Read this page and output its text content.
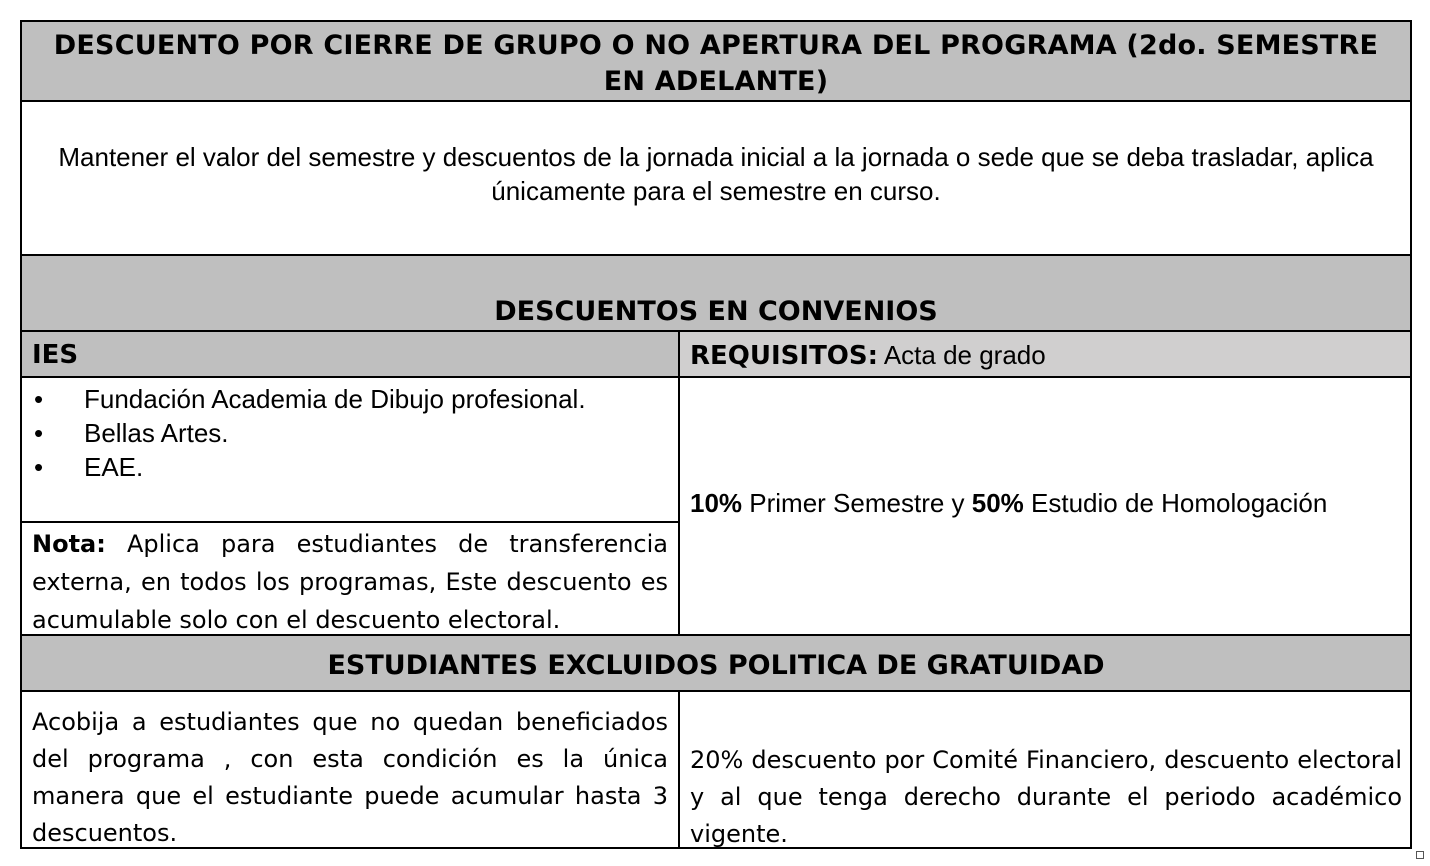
DESCUENTO POR CIERRE DE GRUPO O NO APERTURA DEL PROGRAMA (2do. SEMESTRE EN ADELANTE)
Mantener el valor del semestre y descuentos de la jornada inicial a la jornada o sede que se deba trasladar, aplica únicamente para el semestre en curso.
DESCUENTOS EN CONVENIOS
IES	REQUISITOS: Acta de grado
• Fundación Academia de Dibujo profesional.
• Bellas Artes.
• EAE.
Nota: Aplica para estudiantes de transferencia externa, en todos los programas, Este descuento es acumulable solo con el descuento electoral.
10% Primer Semestre y 50% Estudio de Homologación
ESTUDIANTES EXCLUIDOS POLITICA DE GRATUIDAD
Acobija a estudiantes que no quedan beneficiados del programa , con esta condición es la única manera que el estudiante puede acumular hasta 3 descuentos.
20% descuento por Comité Financiero, descuento electoral y al que tenga derecho durante el periodo académico vigente.
